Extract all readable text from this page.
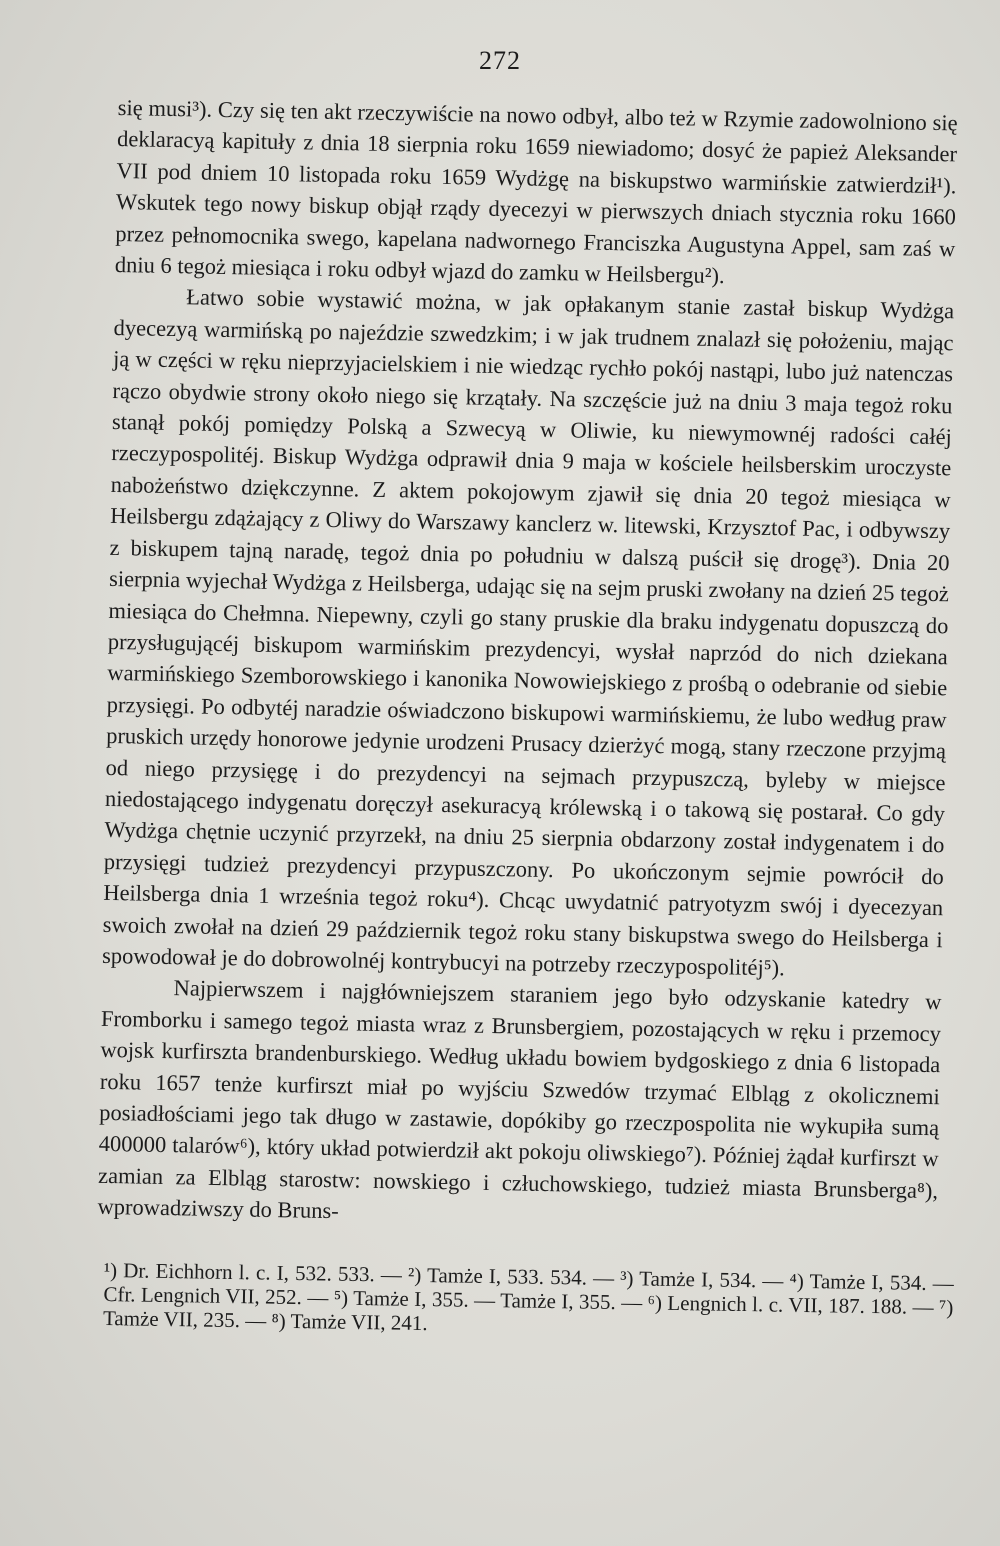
272

się musi³). Czy się ten akt rzeczywiście na nowo odbył, albo też w Rzymie zadowolniono się deklaracyą kapituły z dnia 18 sierpnia roku 1659 niewiadomo; dosyć że papież Aleksander VII pod dniem 10 listopada roku 1659 Wydżgę na biskupstwo warmińskie zatwierdził¹). Wskutek tego nowy biskup objął rządy dyecezyi w pierwszych dniach stycznia roku 1660 przez pełnomocnika swego, kapelana nadwornego Franciszka Augustyna Appel, sam zaś w dniu 6 tegoż miesiąca i roku odbył wjazd do zamku w Heilsbergu²).

Łatwo sobie wystawić można, w jak opłakanym stanie zastał biskup Wydżga dyecezyą warmińską po najeździe szwedzkim; i w jak trudnem znalazł się położeniu, mając ją w części w ręku nieprzyjacielskiem i nie wiedząc rychło pokój nastąpi, lubo już natenczas rączo obydwie strony około niego się krzątały. Na szczęście już na dniu 3 maja tegoż roku stanął pokój pomiędzy Polską a Szwecyą w Oliwie, ku niewymownéj radości całéj rzeczypospolitéj. Biskup Wydżga odprawił dnia 9 maja w kościele heilsberskim uroczyste nabożeństwo dziękczynne. Z aktem pokojowym zjawił się dnia 20 tegoż miesiąca w Heilsbergu zdążający z Oliwy do Warszawy kanclerz w. litewski, Krzysztof Pac, i odbywszy z biskupem tajną naradę, tegoż dnia po południu w dalszą puścił się drogę³). Dnia 20 sierpnia wyjechał Wydżga z Heilsberga, udając się na sejm pruski zwołany na dzień 25 tegoż miesiąca do Chełmna. Niepewny, czyli go stany pruskie dla braku indygenatu dopuszczą do przysługującéj biskupom warmińskim prezydencyi, wysłał naprzód do nich dziekana warmińskiego Szemborowskiego i kanonika Nowowiejskiego z prośbą o odebranie od siebie przysięgi. Po odbytéj naradzie oświadczono biskupowi warmińskiemu, że lubo według praw pruskich urzędy honorowe jedynie urodzeni Prusacy dzierżyć mogą, stany rzeczone przyjmą od niego przysięgę i do prezydencyi na sejmach przypuszczą, byleby w miejsce niedostającego indygenatu doręczył asekuracyą królewską i o takową się postarał. Co gdy Wydżga chętnie uczynić przyrzekł, na dniu 25 sierpnia obdarzony został indygenatem i do przysięgi tudzież prezydencyi przypuszczony. Po ukończonym sejmie powrócił do Heilsberga dnia 1 września tegoż roku⁴). Chcąc uwydatnić patryotyzm swój i dyecezyan swoich zwołał na dzień 29 październik tegoż roku stany biskupstwa swego do Heilsberga i spowodował je do dobrowolnéj kontrybucyi na potrzeby rzeczypospolitéj⁵).

Najpierwszem i najgłówniejszem staraniem jego było odzyskanie katedry w Fromborku i samego tegoż miasta wraz z Brunsbergiem, pozostających w ręku i przemocy wojsk kurfirszta brandenburskiego. Według układu bowiem bydgoskiego z dnia 6 listopada roku 1657 tenże kurfirszt miał po wyjściu Szwedów trzymać Elbląg z okolicznemi posiadłościami jego tak długo w zastawie, dopókiby go rzeczpospolita nie wykupiła sumą 400000 talarów⁶), który układ potwierdził akt pokoju oliwskiego⁷). Później żądał kurfirszt w zamian za Elbląg starostw: nowskiego i człuchowskiego, tudzież miasta Brunsberga⁸), wprowadziwszy do Bruns-

¹) Dr. Eichhorn l. c. I, 532. 533. — ²) Tamże I, 533. 534. — ³) Tamże I, 534. — ⁴) Tamże I, 534. — Cfr. Lengnich VII, 252. — ⁵) Tamże I, 355. — Tamże I, 355. — ⁶) Lengnich l. c. VII, 187. 188. — ⁷) Tamże VII, 235. — ⁸) Tamże VII, 241.
